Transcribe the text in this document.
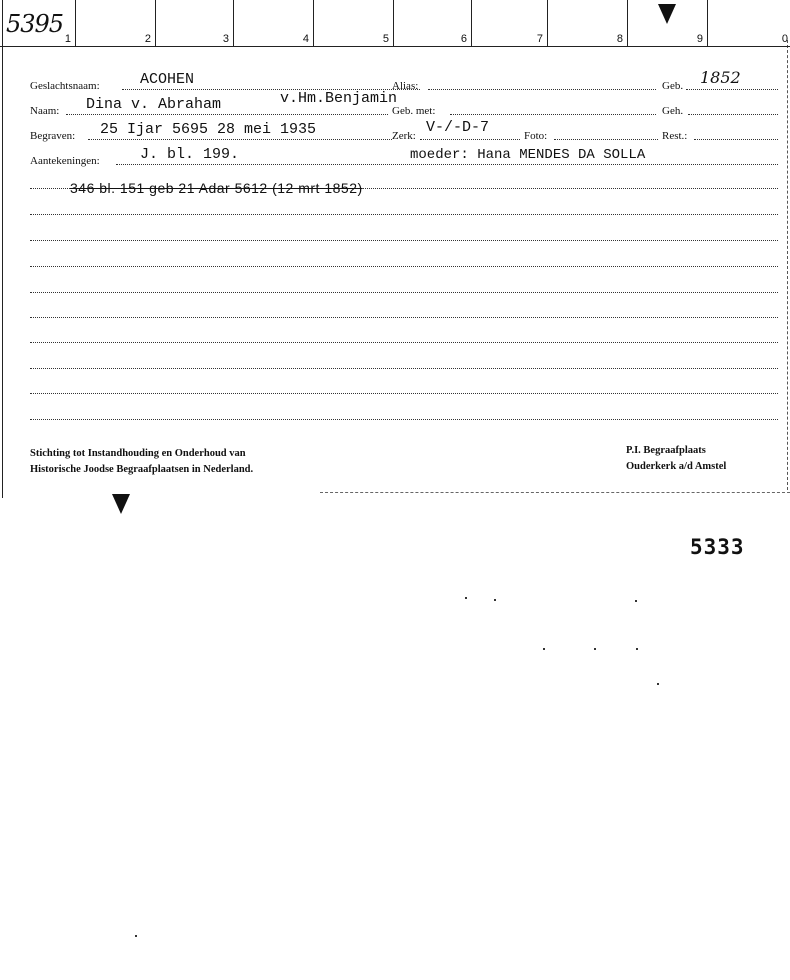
5395
1	2	3	4	5	6	7	8	9	0
Geslachtsnaam:	ACOHEN	Alias:	Geb. 1852
Naam: Dina v. Abraham	v.Hm.Benjamin
Geb. met:	Geh.
Begraven: 25 Ijar 5695 28 mei 1935	Zerk: V-/-D-7	Foto:	Rest.:
Aantekeningen:	J. bl. 199.	moeder: Hana MENDES DA SOLLA
346 bl. 151 geb 21 Adar 5612 (12 mrt 1852)
Stichting tot Instandhouding en Onderhoud van
Historische Joodse Begraafplaatsen in Nederland.
P.I. Begraafplaats
Ouderkerk a/d Amstel
5333
